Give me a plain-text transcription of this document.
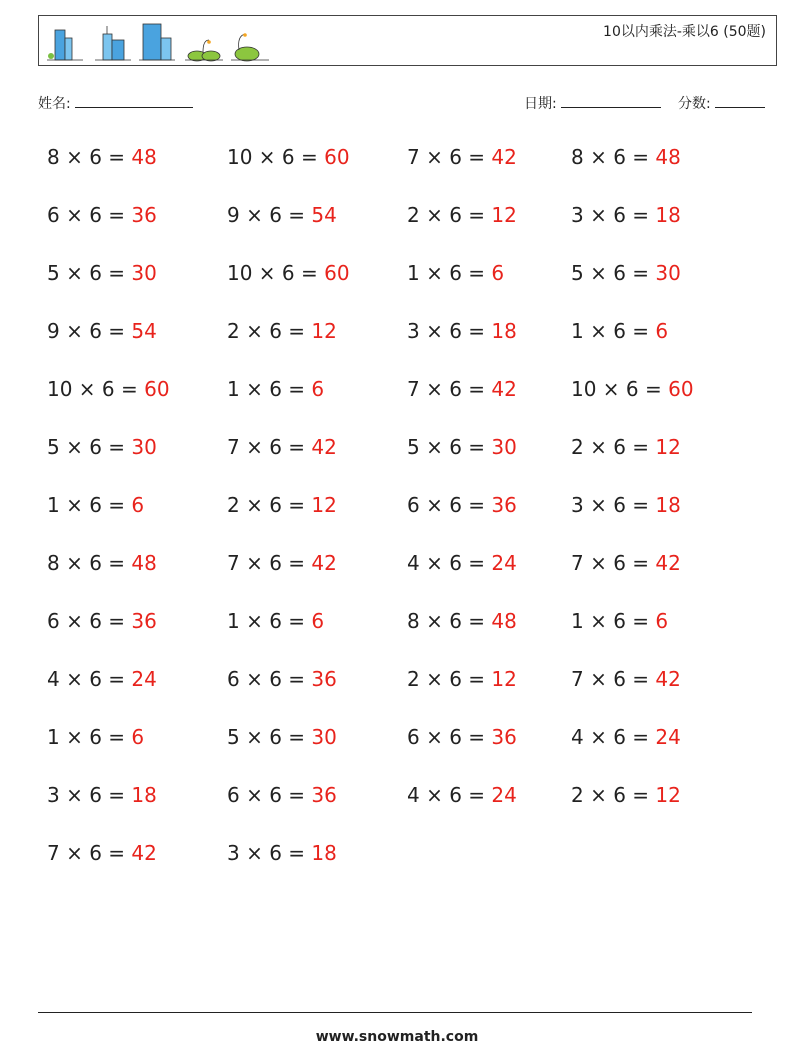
10以内乘法-乘以6 (50题)
姓名:	日期:	分数:
8 × 6 = 48	10 × 6 = 60	7 × 6 = 42	8 × 6 = 48
6 × 6 = 36	9 × 6 = 54	2 × 6 = 12	3 × 6 = 18
5 × 6 = 30	10 × 6 = 60	1 × 6 = 6	5 × 6 = 30
9 × 6 = 54	2 × 6 = 12	3 × 6 = 18	1 × 6 = 6
10 × 6 = 60	1 × 6 = 6	7 × 6 = 42	10 × 6 = 60
5 × 6 = 30	7 × 6 = 42	5 × 6 = 30	2 × 6 = 12
1 × 6 = 6	2 × 6 = 12	6 × 6 = 36	3 × 6 = 18
8 × 6 = 48	7 × 6 = 42	4 × 6 = 24	7 × 6 = 42
6 × 6 = 36	1 × 6 = 6	8 × 6 = 48	1 × 6 = 6
4 × 6 = 24	6 × 6 = 36	2 × 6 = 12	7 × 6 = 42
1 × 6 = 6	5 × 6 = 30	6 × 6 = 36	4 × 6 = 24
3 × 6 = 18	6 × 6 = 36	4 × 6 = 24	2 × 6 = 12
7 × 6 = 42	3 × 6 = 18
www.snowmath.com
